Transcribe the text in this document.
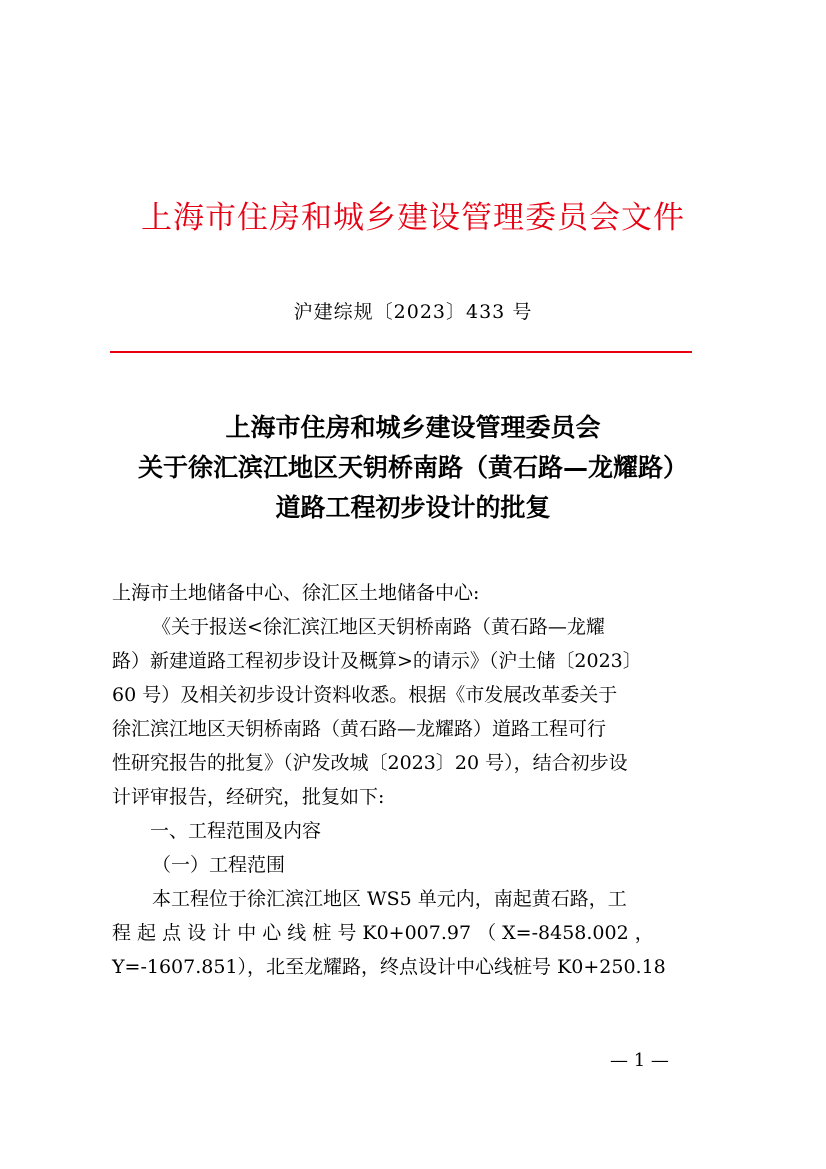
上海市住房和城乡建设管理委员会文件
沪建综规〔2023〕433 号
上海市住房和城乡建设管理委员会
关于徐汇滨江地区天钥桥南路（黄石路—龙耀路）
道路工程初步设计的批复
上海市土地储备中心、徐汇区土地储备中心:
《关于报送<徐汇滨江地区天钥桥南路（黄石路—龙耀
路）新建道路工程初步设计及概算>的请示》（沪土储〔2023〕
60 号）及相关初步设计资料收悉。根据《市发展改革委关于
徐汇滨江地区天钥桥南路（黄石路—龙耀路）道路工程可行
性研究报告的批复》（沪发改城〔2023〕20 号），结合初步设
计评审报告，经研究，批复如下:
一、工程范围及内容
（一）工程范围
本工程位于徐汇滨江地区 WS5 单元内，南起黄石路，工
程 起 点 设 计 中 心 线 桩 号 K0+007.97 （ X=-8458.002 ，
Y=-1607.851），北至龙耀路，终点设计中心线桩号 K0+250.18
— 1 —
